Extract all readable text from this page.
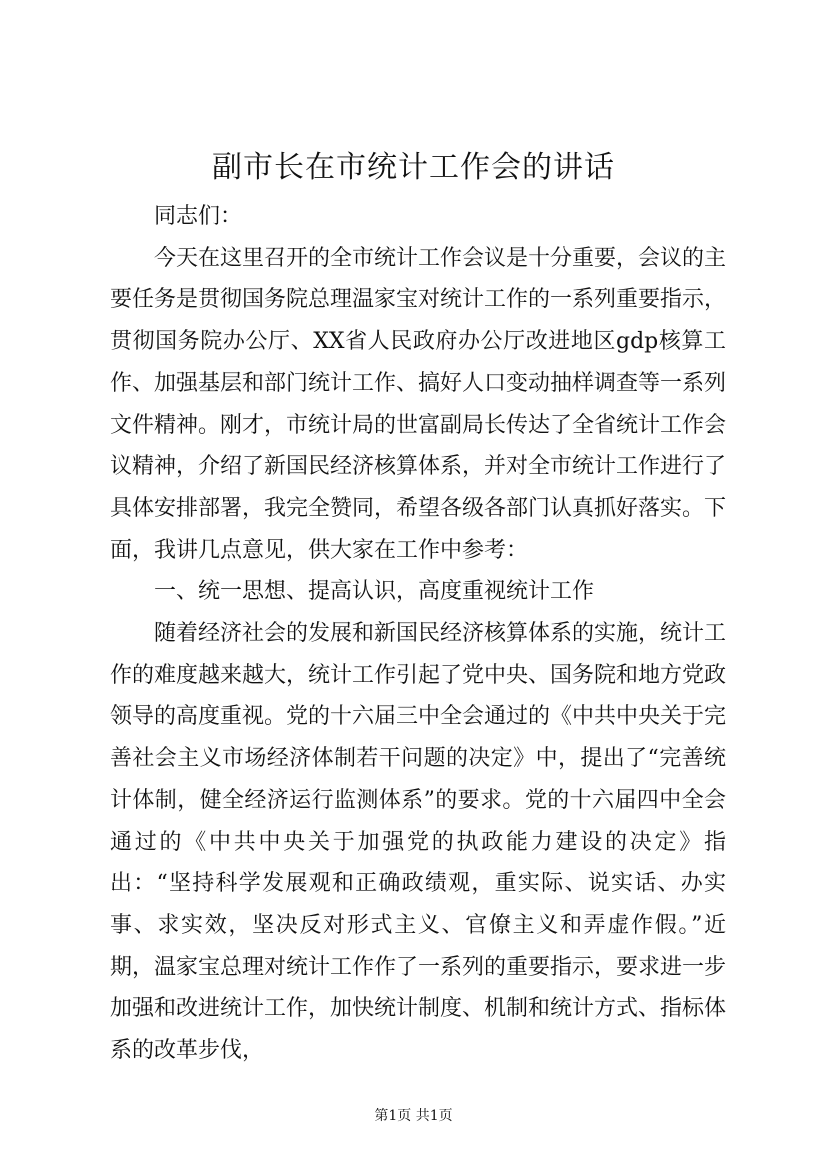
副市长在市统计工作会的讲话

同志们：

今天在这里召开的全市统计工作会议是十分重要，会议的主要任务是贯彻国务院总理温家宝对统计工作的一系列重要指示，贯彻国务院办公厅、XX省人民政府办公厅改进地区gdp核算工作、加强基层和部门统计工作、搞好人口变动抽样调查等一系列文件精神。刚才，市统计局的世富副局长传达了全省统计工作会议精神，介绍了新国民经济核算体系，并对全市统计工作进行了具体安排部署，我完全赞同，希望各级各部门认真抓好落实。下面，我讲几点意见，供大家在工作中参考：

一、统一思想、提高认识，高度重视统计工作

随着经济社会的发展和新国民经济核算体系的实施，统计工作的难度越来越大，统计工作引起了党中央、国务院和地方党政领导的高度重视。党的十六届三中全会通过的《中共中央关于完善社会主义市场经济体制若干问题的决定》中，提出了“完善统计体制，健全经济运行监测体系”的要求。党的十六届四中全会通过的《中共中央关于加强党的执政能力建设的决定》指出：“坚持科学发展观和正确政绩观，重实际、说实话、办实事、求实效，坚决反对形式主义、官僚主义和弄虚作假。”近期，温家宝总理对统计工作作了一系列的重要指示，要求进一步加强和改进统计工作，加快统计制度、机制和统计方式、指标体系的改革步伐，

第1页 共1页
